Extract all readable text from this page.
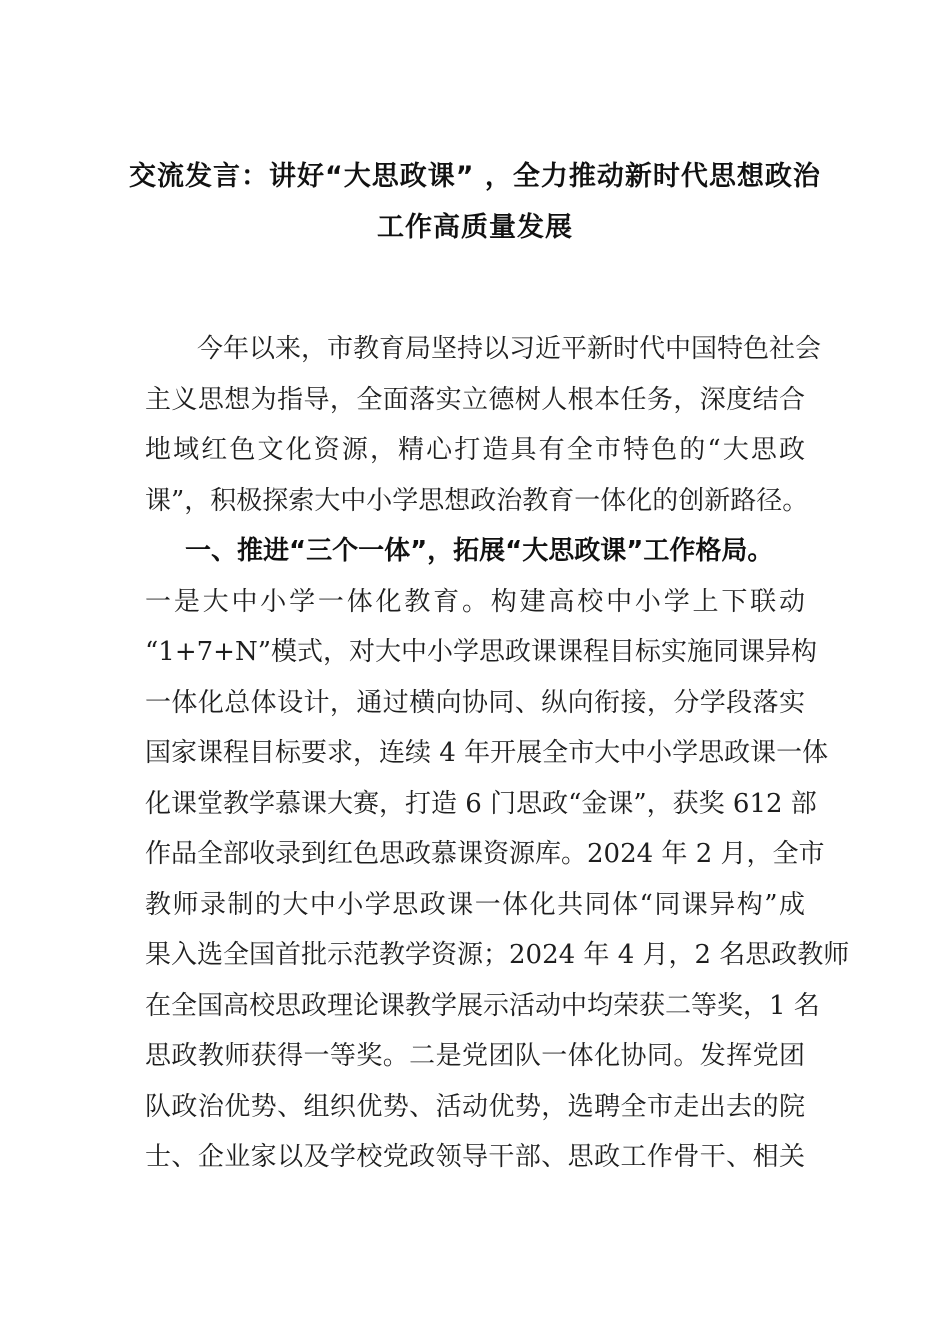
交流发言：讲好“大思政课” ，全力推动新时代思想政治
工作高质量发展
今年以来，市教育局坚持以习近平新时代中国特色社会
主义思想为指导，全面落实立德树人根本任务，深度结合
地域红色文化资源，精心打造具有全市特色的“大思政
课”，积极探索大中小学思想政治教育一体化的创新路径。
一、推进“三个一体”，拓展“大思政课”工作格局。
一是大中小学一体化教育。构建高校中小学上下联动
“1+7+N”模式，对大中小学思政课课程目标实施同课异构
一体化总体设计，通过横向协同、纵向衔接，分学段落实
国家课程目标要求，连续 4 年开展全市大中小学思政课一体
化课堂教学慕课大赛，打造 6 门思政“金课”，获奖 612 部
作品全部收录到红色思政慕课资源库。2024 年 2 月，全市
教师录制的大中小学思政课一体化共同体“同课异构”成
果入选全国首批示范教学资源；2024 年 4 月，2 名思政教师
在全国高校思政理论课教学展示活动中均荣获二等奖，1 名
思政教师获得一等奖。二是党团队一体化协同。发挥党团
队政治优势、组织优势、活动优势，选聘全市走出去的院
士、企业家以及学校党政领导干部、思政工作骨干、相关
